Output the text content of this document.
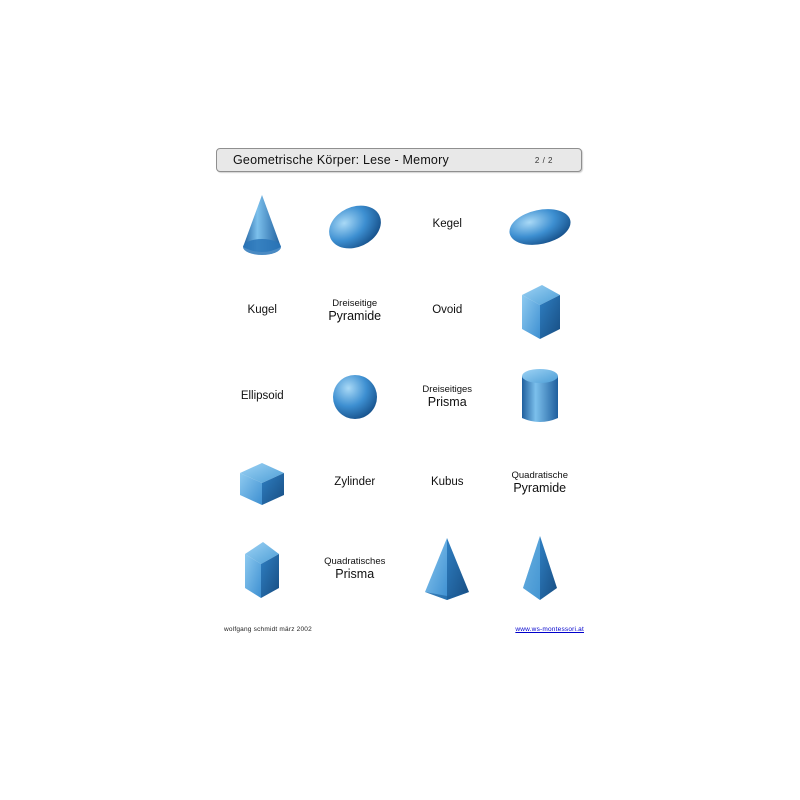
Geometrische Körper: Lese - Memory	2 / 2
Kegel
Kugel
Dreiseitige
Pyramide	Ovoid
Ellipsoid
Dreiseitiges
Prisma
Zylinder	Kubus
Quadratische
Pyramide
Quadratisches
Prisma
wolfgang schmidt märz 2002	www.ws-montessori.at
